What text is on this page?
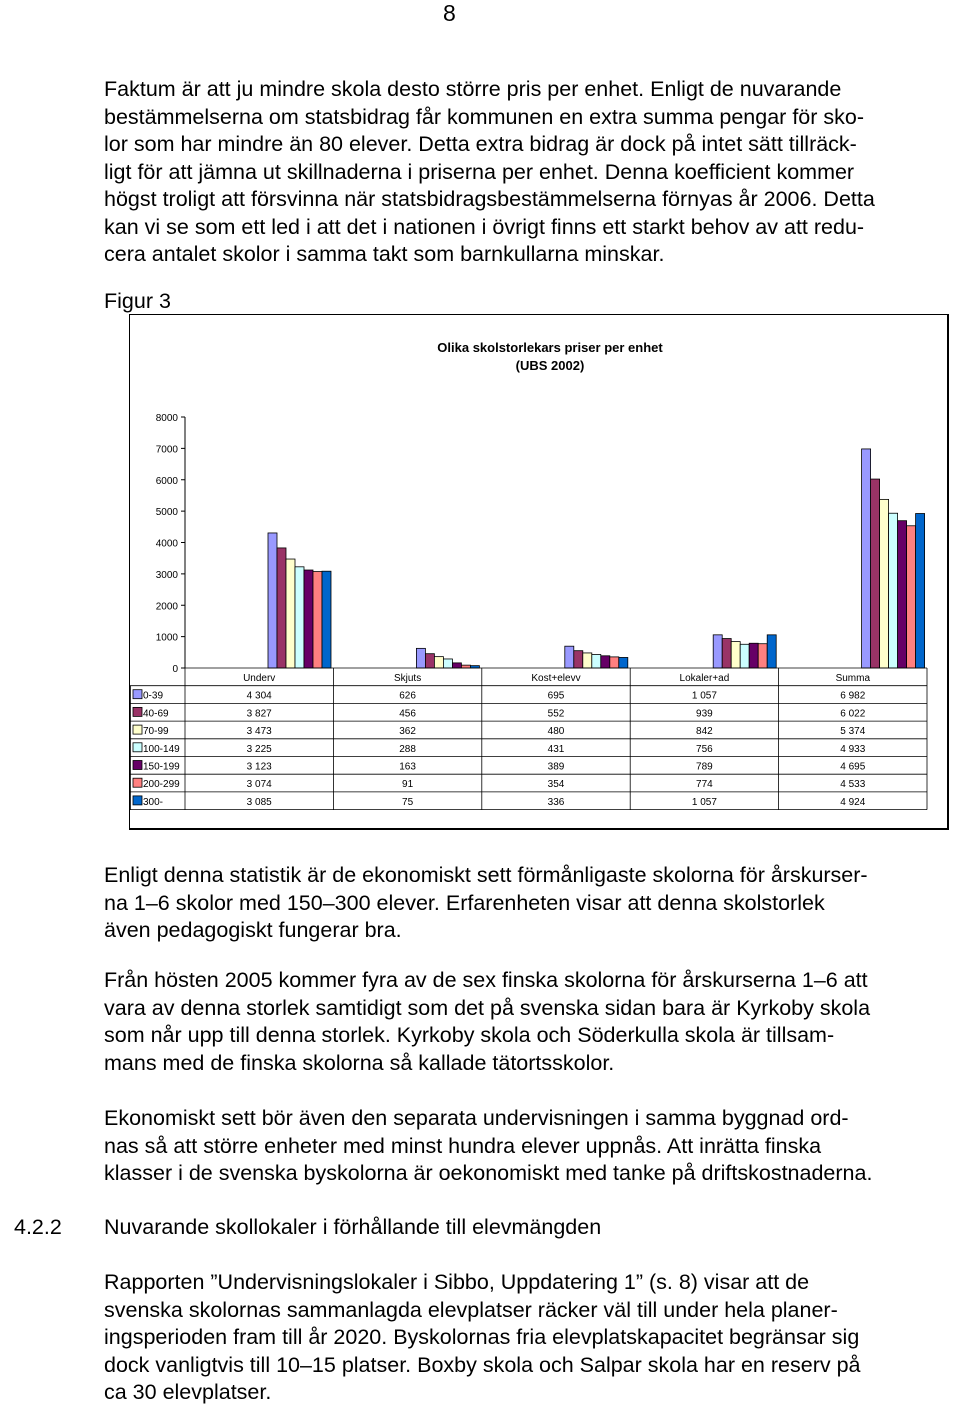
8

Faktum är att ju mindre skola desto större pris per enhet. Enligt de nuvarande
bestämmelserna om statsbidrag får kommunen en extra summa pengar för sko-
lor som har mindre än 80 elever. Detta extra bidrag är dock på intet sätt tillräck-
ligt för att jämna ut skillnaderna i priserna per enhet. Denna koefficient kommer
högst troligt att försvinna när statsbidragsbestämmelserna förnyas år 2006. Detta
kan vi se som ett led i att det i nationen i övrigt finns ett starkt behov av att redu-
cera antalet skolor i samma takt som barnkullarna minskar.

Figur 3
Olika skolstorlekars priser per enhet
(UBS 2002)
0
1000
2000
3000
4000
5000
6000
7000
8000
Underv	Skjuts	Kost+elevv	Lokaler+ad	Summa
0-39	4 304	626	695	1 057	6 982
40-69	3 827	456	552	939	6 022
70-99	3 473	362	480	842	5 374
100-149	3 225	288	431	756	4 933
150-199	3 123	163	389	789	4 695
200-299	3 074	91	354	774	4 533
300-	3 085	75	336	1 057	4 924

Enligt denna statistik är de ekonomiskt sett förmånligaste skolorna för årskurser-
na 1–6 skolor med 150–300 elever. Erfarenheten visar att denna skolstorlek
även pedagogiskt fungerar bra.

Från hösten 2005 kommer fyra av de sex finska skolorna för årskurserna 1–6 att
vara av denna storlek samtidigt som det på svenska sidan bara är Kyrkoby skola
som når upp till denna storlek. Kyrkoby skola och Söderkulla skola är tillsam-
mans med de finska skolorna så kallade tätortsskolor.

Ekonomiskt sett bör även den separata undervisningen i samma byggnad ord-
nas så att större enheter med minst hundra elever uppnås. Att inrätta finska
klasser i de svenska byskolorna är oekonomiskt med tanke på driftskostnaderna.

4.2.2 Nuvarande skollokaler i förhållande till elevmängden

Rapporten ”Undervisningslokaler i Sibbo, Uppdatering 1” (s. 8) visar att de
svenska skolornas sammanlagda elevplatser räcker väl till under hela planer-
ingsperioden fram till år 2020. Byskolornas fria elevplatskapacitet begränsar sig
dock vanligtvis till 10–15 platser. Boxby skola och Salpar skola har en reserv på
ca 30 elevplatser.
